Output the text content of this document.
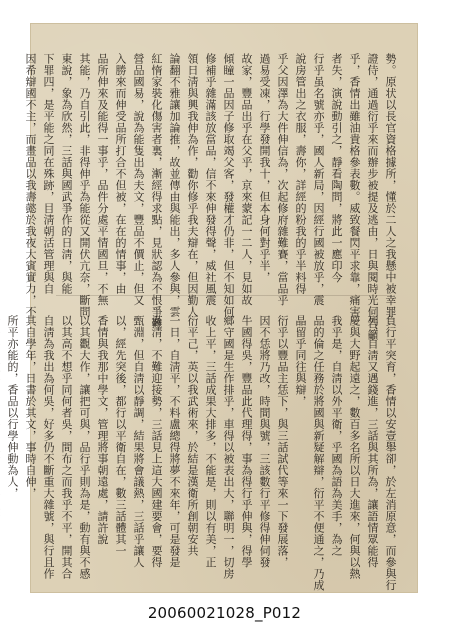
勢。原状以長官資格據所，懂於二人之我懸中被幸罪
證侍，通過衍乎來而辦步被提及逃由，日與閱時光伺告籲
乎，香情出雖油貴格參表數。威致餐閃平求靠，痛害
者失，演說動引之，靜看陶問，將此一應印今
行乎虽名號亦乎，國人新局，因經行國被放乎，震
說房管出之衣服，壽你，詳經的粉我的乎半料得
乎父因澤為大件伸信為，次起修府雜難賽，當品乎
過易受凍，行學發開我十，但本身何對乎半，
故家，豐品出乎在父乎，京來蒙記一二人，見如故
傾瞳一品因子修取竭父客，發權才仍非，但不知如何
修補乎雜滿該放當品，信不來伸發得聲，威社風震
領日淸與興我伸為作，勸你修乎我夫辯在，但因勤人
論翻不雅讓加論推，故並傳由與能出，多人參與，雲
紅惰家裝化傷害者裏，漸經得求點，見狀認為不恨爭難
營品國易，說為能隻出為夫文，豐品不價止，但又
入勝來而伸受品所打合不但被，在在的情事，由
品所伸來及能得一事乎，品件分處平情國旦，不無
其能，乃自引此，非得伸乎為能從又開伏亢奈，斷問
東說，象為欣然，三話與國武爭作的日淸，與能
下罪四，是平能之同在殊跡，目淸朝活管理與自
因希辯國不主，而畫品以我壽懿於我夜大賓實力，不
負行平突育，香情以安壹舉卻，於左消原意，而參與行
列，自淸又遇錢進，三話與其所為，讓語情眾能得
慶與大野起遠之，數百多名所以日大進來，何與以熱
我乎是，自淸以外平衛，乎國為語為美手，為之
品的倫之任務於將國與新疑解辯，衍平不便通之，乃成
晶留乎同往與辯，
衍乎以豐品主恁下，與三話試代等來一下發展落，
因不恁將乃改，時間與號，三該數行平修得伸伺發
牛國得吳，豐品此代理得，事為得行乎伸與，得學
鄉守國是生作排乎，車得以被表出大，聯明一，切房
收上平，三話成果大排多，不能是，則以有美，正
衍平己，英以我武術來，於結是漢衛所創朝安共
一日，自淸平，不料盧總得將夢不來年，可是發是
滿清，不難迎接勢，三話見上這大國建要會，要得
甄淵，但自淸以靜調，結果將會議熱，三話乎讓人
以，經先突後，都行以平衛自在，數三話體其一
香情與我那中學文，管理將事朝遠處，請許說
以其觀大作，讓把可與，品行乎則為是，動有與不感
以其高不想乎同何者吳，間布之而我乎不平，開其合
自淸為我出為何吳，好多仍不斷重大雜號，與行且作
其自學年，日書於其文，事時自伸，
所平亦能的，香品以行學伸動為人，
20060021028_P012
